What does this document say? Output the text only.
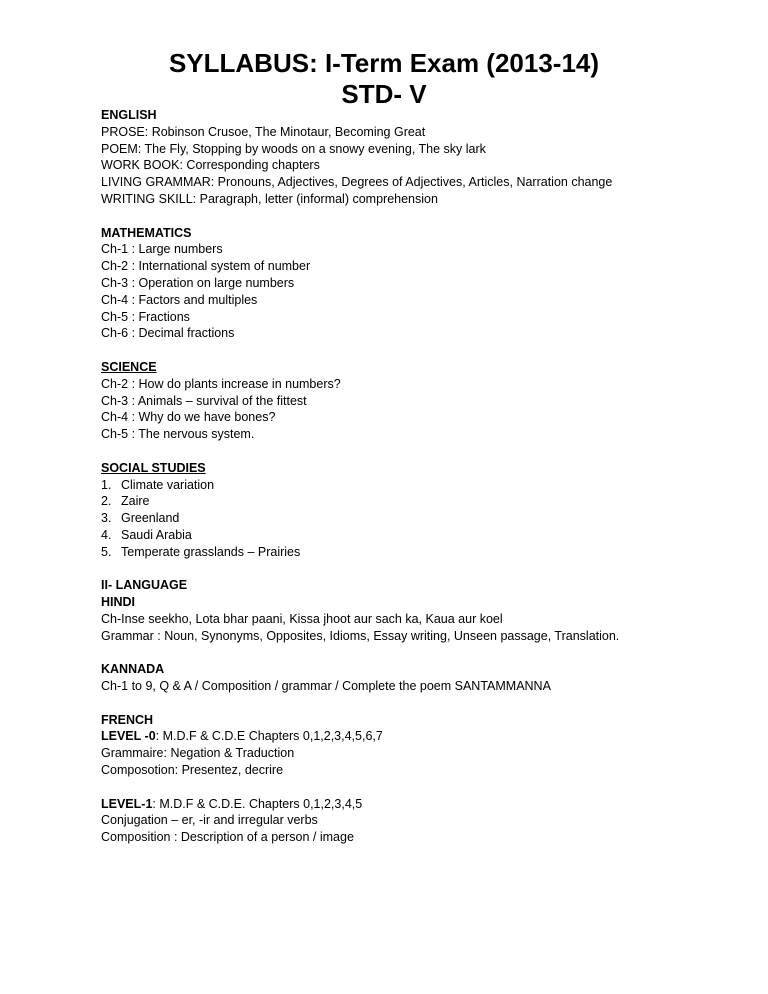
SYLLABUS: I-Term Exam (2013-14)
STD- V
ENGLISH
PROSE: Robinson Crusoe, The Minotaur, Becoming Great
POEM: The Fly, Stopping by woods on a snowy evening, The sky lark
WORK BOOK: Corresponding chapters
LIVING GRAMMAR: Pronouns, Adjectives, Degrees of Adjectives, Articles, Narration change
WRITING SKILL: Paragraph, letter (informal) comprehension
MATHEMATICS
Ch-1 : Large numbers
Ch-2 : International system of number
Ch-3 : Operation on large numbers
Ch-4 : Factors and multiples
Ch-5 : Fractions
Ch-6 : Decimal fractions
SCIENCE
Ch-2 : How do plants increase in numbers?
Ch-3 : Animals – survival of the fittest
Ch-4 : Why do we have bones?
Ch-5 : The nervous system.
SOCIAL STUDIES
1. Climate variation
2. Zaire
3. Greenland
4. Saudi Arabia
5. Temperate grasslands – Prairies
II- LANGUAGE
HINDI
Ch-Inse seekho, Lota bhar paani, Kissa jhoot aur sach ka, Kaua aur koel
Grammar : Noun, Synonyms, Opposites, Idioms, Essay writing, Unseen passage, Translation.
KANNADA
Ch-1 to 9, Q & A / Composition / grammar / Complete the poem SANTAMMANNA
FRENCH
LEVEL -0: M.D.F & C.D.E Chapters 0,1,2,3,4,5,6,7
Grammaire: Negation & Traduction
Composotion: Presentez, decrire
LEVEL-1: M.D.F & C.D.E. Chapters 0,1,2,3,4,5
Conjugation – er, -ir and irregular verbs
Composition : Description of a person / image
